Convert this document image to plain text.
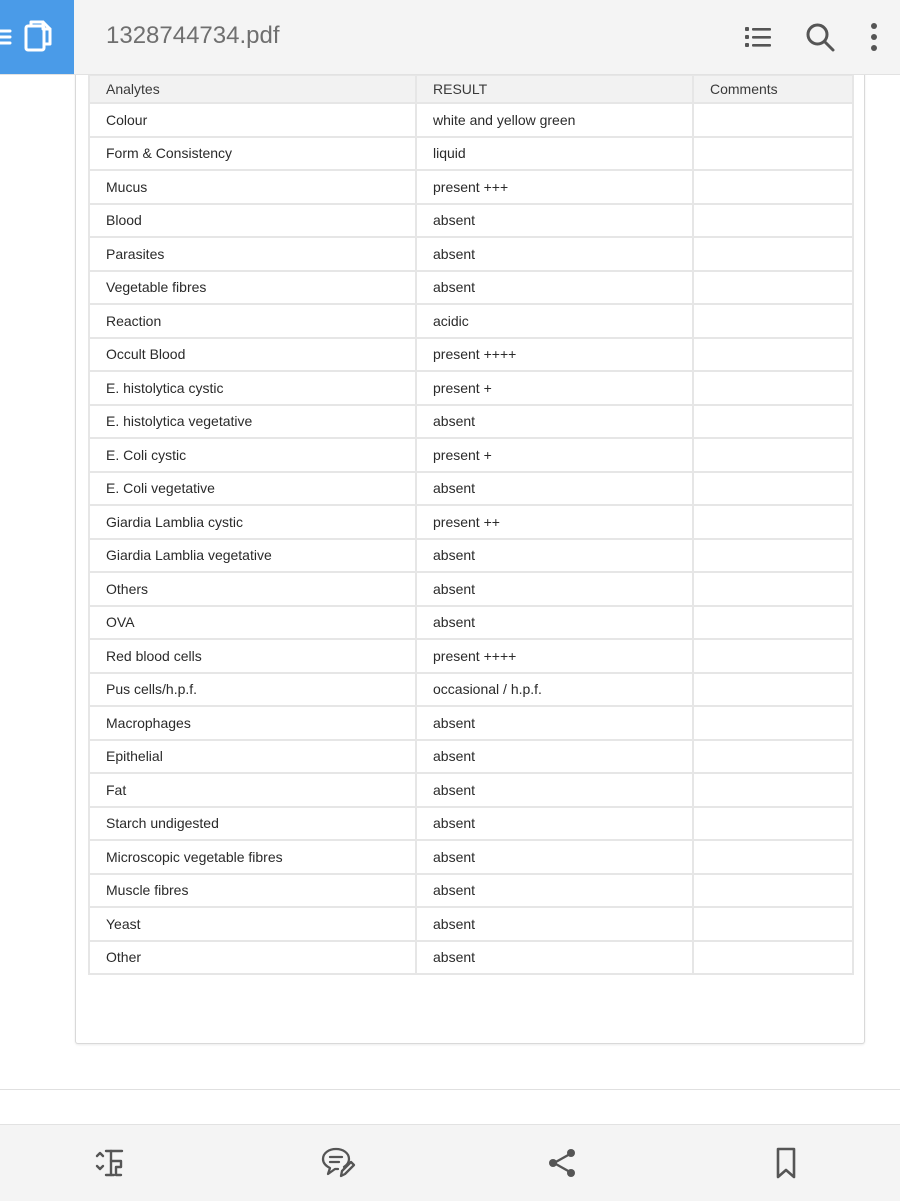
1328744734.pdf
Analytes	RESULT	Comments
Colour	white and yellow green	
Form & Consistency	liquid	
Mucus	present +++	
Blood	absent	
Parasites	absent	
Vegetable fibres	absent	
Reaction	acidic	
Occult Blood	present ++++	
E. histolytica cystic	present +	
E. histolytica vegetative	absent	
E. Coli cystic	present +	
E. Coli vegetative	absent	
Giardia Lamblia cystic	present ++	
Giardia Lamblia vegetative	absent	
Others	absent	
OVA	absent	
Red blood cells	present ++++	
Pus cells/h.p.f.	occasional / h.p.f.	
Macrophages	absent	
Epithelial	absent	
Fat	absent	
Starch undigested	absent	
Microscopic vegetable fibres	absent	
Muscle fibres	absent	
Yeast	absent	
Other	absent	
